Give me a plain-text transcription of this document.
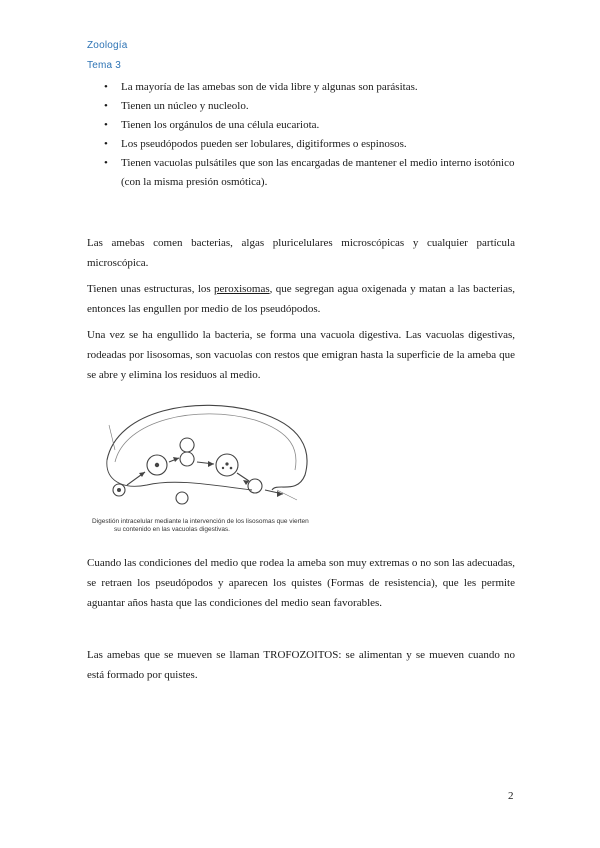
Zoología
Tema 3
• La mayoría de las amebas son de vida libre y algunas son parásitas.
• Tienen un núcleo y nucleolo.
• Tienen los orgánulos de una célula eucariota.
• Los pseudópodos pueden ser lobulares, digitiformes o espinosos.
• Tienen vacuolas pulsátiles que son las encargadas de mantener el medio interno isotónico (con la misma presión osmótica).

Las amebas comen bacterias, algas pluricelulares microscópicas y cualquier partícula microscópica.

Tienen unas estructuras, los peroxisomas, que segregan agua oxigenada y matan a las bacterias, entonces las engullen por medio de los pseudópodos.

Una vez se ha engullido la bacteria, se forma una vacuola digestiva. Las vacuolas digestivas, rodeadas por lisosomas, son vacuolas con restos que emigran hasta la superficie de la ameba que se abre y elimina los residuos al medio.

Digestión intracelular mediante la intervención de los lisosomas que vierten
su contenido en las vacuolas digestivas.

Cuando las condiciones del medio que rodea la ameba son muy extremas o no son las adecuadas, se retraen los pseudópodos y aparecen los quistes (Formas de resistencia), que les permite aguantar años hasta que las condiciones del medio sean favorables.

Las amebas que se mueven se llaman TROFOZOITOS: se alimentan y se mueven cuando no está formado por quistes.

2
